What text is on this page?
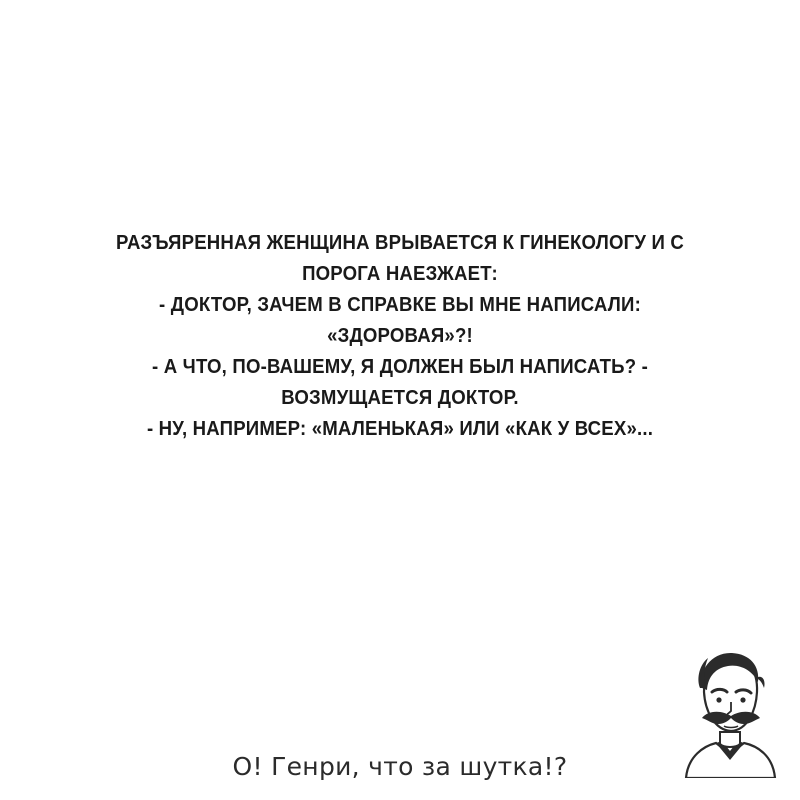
РАЗЪЯРЕННАЯ ЖЕНЩИНА ВРЫВАЕТСЯ К ГИНЕКОЛОГУ И С
ПОРОГА НАЕЗЖАЕТ:
- ДОКТОР, ЗАЧЕМ В СПРАВКЕ ВЫ МНЕ НАПИСАЛИ:
«ЗДОРОВАЯ»?!
- А ЧТО, ПО-ВАШЕМУ, Я ДОЛЖЕН БЫЛ НАПИСАТЬ? -
ВОЗМУЩАЕТСЯ ДОКТОР.
- НУ, НАПРИМЕР: «МАЛЕНЬКАЯ» ИЛИ «КАК У ВСЕХ»...
О! Генри, что за шутка!?
